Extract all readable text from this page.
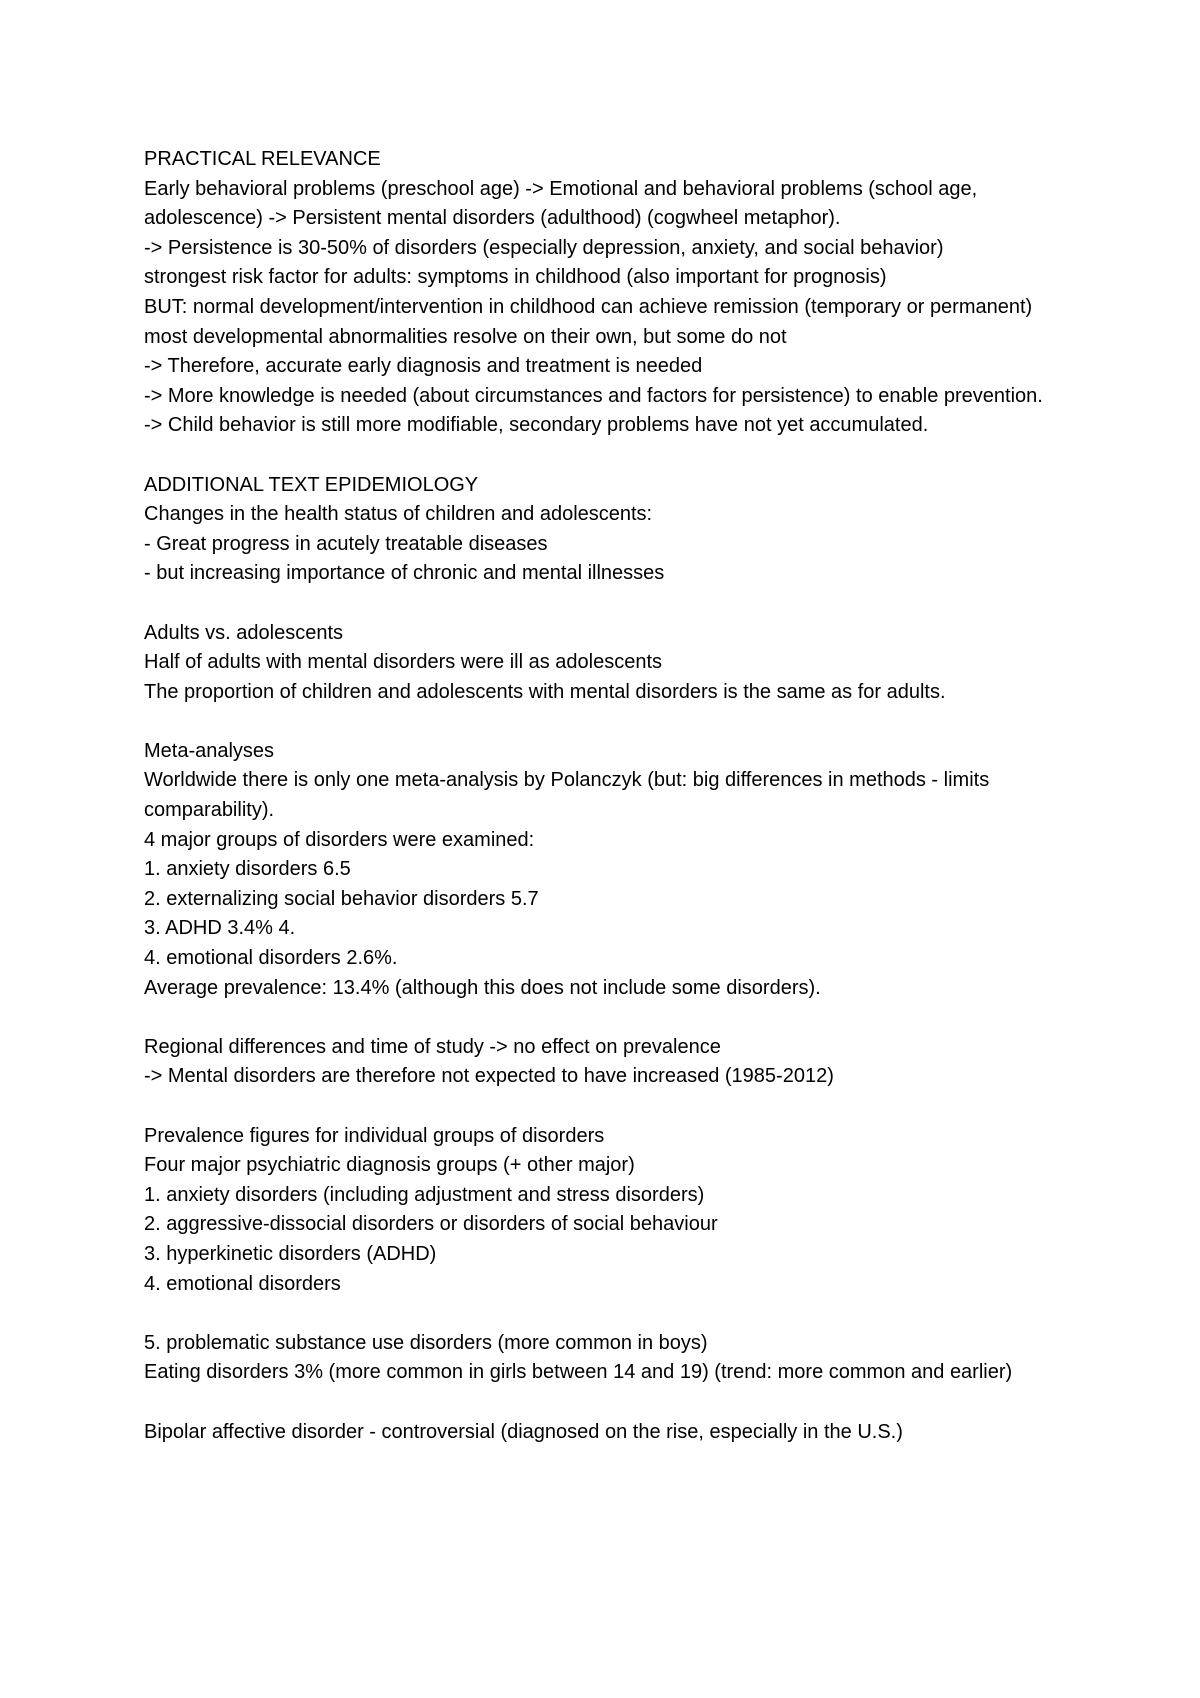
PRACTICAL RELEVANCE
Early behavioral problems (preschool age) -> Emotional and behavioral problems (school age, adolescence) -> Persistent mental disorders (adulthood) (cogwheel metaphor).
-> Persistence is 30-50% of disorders (especially depression, anxiety, and social behavior)
strongest risk factor for adults: symptoms in childhood (also important for prognosis)
BUT: normal development/intervention in childhood can achieve remission (temporary or permanent)
most developmental abnormalities resolve on their own, but some do not
-> Therefore, accurate early diagnosis and treatment is needed
-> More knowledge is needed (about circumstances and factors for persistence) to enable prevention.
-> Child behavior is still more modifiable, secondary problems have not yet accumulated.
ADDITIONAL TEXT EPIDEMIOLOGY
Changes in the health status of children and adolescents:
- Great progress in acutely treatable diseases
- but increasing importance of chronic and mental illnesses
Adults vs. adolescents
Half of adults with mental disorders were ill as adolescents
The proportion of children and adolescents with mental disorders is the same as for adults.
Meta-analyses
Worldwide there is only one meta-analysis by Polanczyk (but: big differences in methods - limits comparability).
4 major groups of disorders were examined:
1. anxiety disorders 6.5
2. externalizing social behavior disorders 5.7
3. ADHD 3.4% 4.
4. emotional disorders 2.6%.
Average prevalence: 13.4% (although this does not include some disorders).
Regional differences and time of study -> no effect on prevalence
-> Mental disorders are therefore not expected to have increased (1985-2012)
Prevalence figures for individual groups of disorders
Four major psychiatric diagnosis groups (+ other major)
1. anxiety disorders (including adjustment and stress disorders)
2. aggressive-dissocial disorders or disorders of social behaviour
3. hyperkinetic disorders (ADHD)
4. emotional disorders
5. problematic substance use disorders (more common in boys)
Eating disorders 3% (more common in girls between 14 and 19) (trend: more common and earlier)
Bipolar affective disorder - controversial (diagnosed on the rise, especially in the U.S.)
